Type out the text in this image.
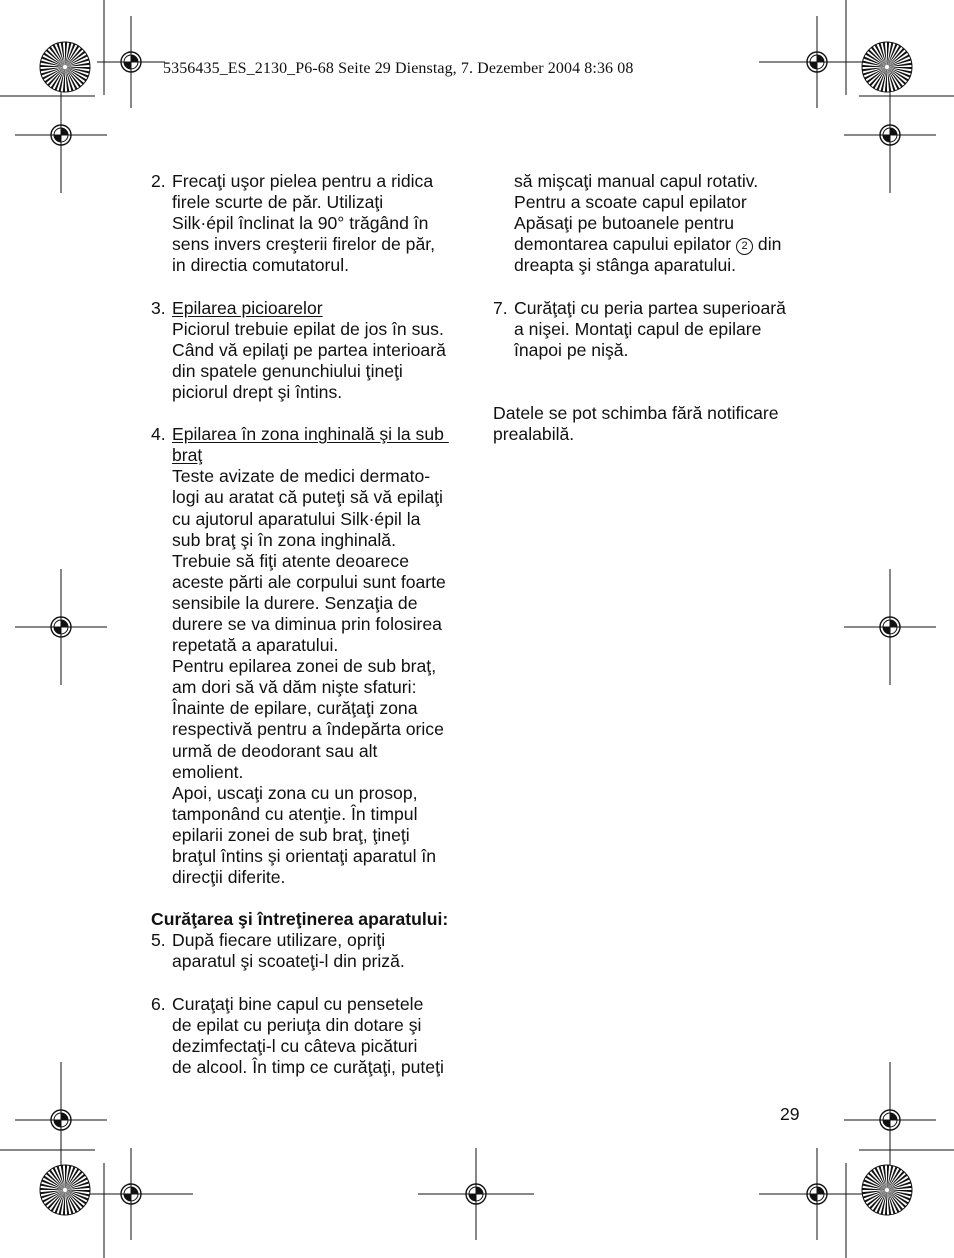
5356435_ES_2130_P6-68 Seite 29 Dienstag, 7. Dezember 2004 8:36 08
2. Frecaţi uşor pielea pentru a ridica
firele scurte de păr. Utilizaţi
Silk·épil înclinat la 90° trăgând în
sens invers creşterii firelor de păr,
in directia comutatorul.
3. Epilarea picioarelor
Piciorul trebuie epilat de jos în sus.
Când vă epilaţi pe partea interioară
din spatele genunchiului ţineţi
piciorul drept şi întins.
4. Epilarea în zona inghinală şi la sub
braţ
Teste avizate de medici dermato-
logi au aratat că puteţi să vă epilaţi
cu ajutorul aparatului Silk·épil la
sub braţ şi în zona inghinală.
Trebuie să fiţi atente deoarece
aceste părti ale corpului sunt foarte
sensibile la durere. Senzaţia de
durere se va diminua prin folosirea
repetată a aparatului.
Pentru epilarea zonei de sub braţ,
am dori să vă dăm nişte sfaturi:
Înainte de epilare, curăţaţi zona
respectivă pentru a îndepărta orice
urmă de deodorant sau alt
emolient.
Apoi, uscaţi zona cu un prosop,
tamponând cu atenţie. În timpul
epilarii zonei de sub braţ, ţineţi
braţul întins şi orientaţi aparatul în
direcţii diferite.
Curăţarea şi întreţinerea aparatului:
5. După fiecare utilizare, opriţi
aparatul şi scoateţi-l din priză.
6. Curaţaţi bine capul cu pensetele
de epilat cu periuţa din dotare şi
dezimfectaţi-l cu câteva picături
de alcool. În timp ce curăţaţi, puteţi
să mişcaţi manual capul rotativ.
Pentru a scoate capul epilator
Apăsaţi pe butoanele pentru
demontarea capului epilator 2 din
dreapta şi stânga aparatului.
7. Curăţaţi cu peria partea superioară
a nişei. Montaţi capul de epilare
înapoi pe nişă.
Datele se pot schimba fără notificare
prealabilă.
29
